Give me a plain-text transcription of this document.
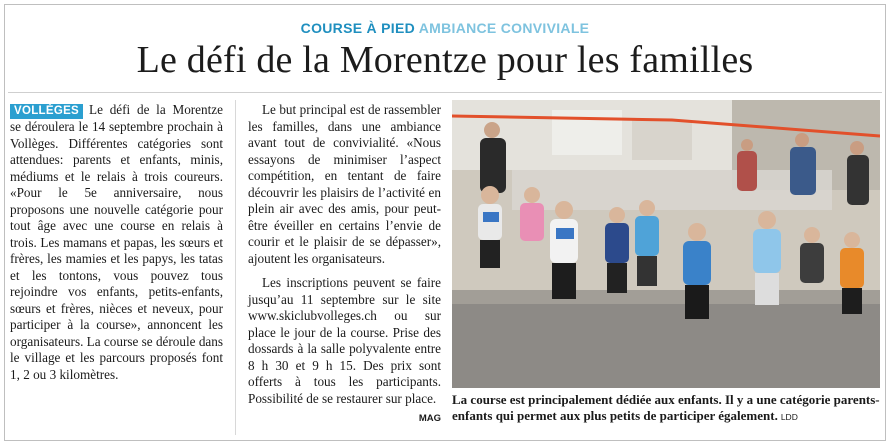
COURSE À PIED AMBIANCE CONVIVIALE
Le défi de la Morentze pour les familles

VOLLÈGES Le défi de la Morentze se déroulera le 14 septembre prochain à Vollèges. Différentes catégories sont attendues: parents et enfants, minis, médiums et le relais à trois coureurs. «Pour le 5e anniversaire, nous proposons une nouvelle catégorie pour tout âge avec une course en relais à trois. Les mamans et papas, les sœurs et frères, les mamies et les papys, les tatas et les tontons, vous pouvez tous rejoindre vos enfants, petits-enfants, sœurs et frères, nièces et neveux, pour participer à la course», annoncent les organisateurs. La course se déroule dans le village et les parcours proposés font 1, 2 ou 3 kilomètres.

Le but principal est de rassembler les familles, dans une ambiance avant tout de convivialité. «Nous essayons de minimiser l’aspect compétition, en tentant de faire découvrir les plaisirs de l’activité en plein air avec des amis, pour peut-être éveiller en certains l’envie de courir et le plaisir de se dépasser», ajoutent les organisateurs.

Les inscriptions peuvent se faire jusqu’au 11 septembre sur le site www.skiclubvolleges.ch ou sur place le jour de la course. Prise des dossards à la salle polyvalente entre 8 h 30 et 9 h 15. Des prix sont offerts à tous les participants. Possibilité de se restaurer sur place.
MAG

La course est principalement dédiée aux enfants. Il y a une catégorie parents-enfants qui permet aux plus petits de participer également. LDD
